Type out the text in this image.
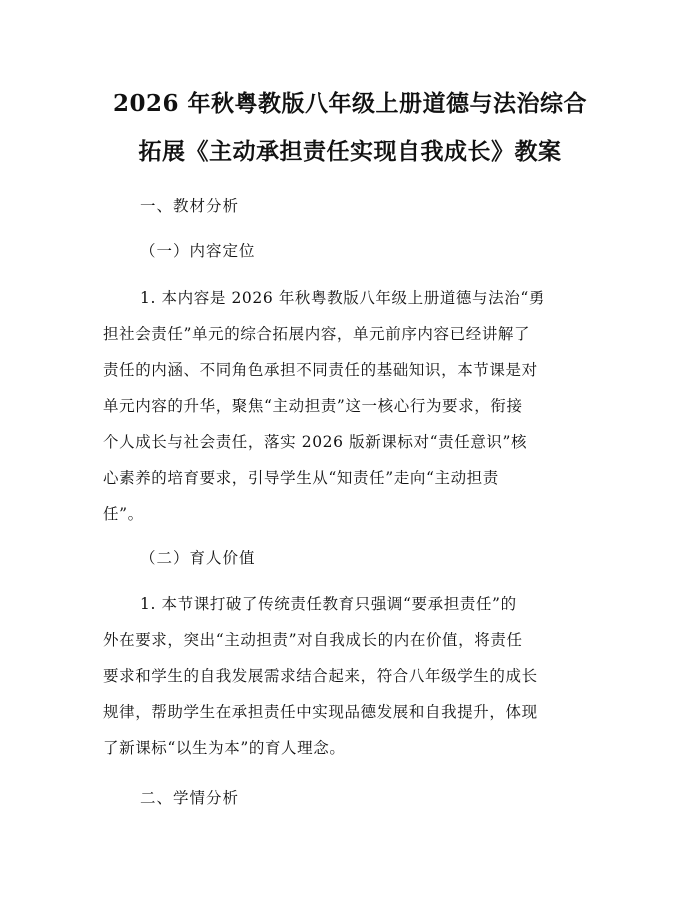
2026 年秋粤教版八年级上册道德与法治综合
拓展《主动承担责任实现自我成长》教案
一、教材分析
（一）内容定位
1. 本内容是 2026 年秋粤教版八年级上册道德与法治“勇
担社会责任”单元的综合拓展内容，单元前序内容已经讲解了
责任的内涵、不同角色承担不同责任的基础知识，本节课是对
单元内容的升华，聚焦“主动担责”这一核心行为要求，衔接
个人成长与社会责任，落实 2026 版新课标对“责任意识”核
心素养的培育要求，引导学生从“知责任”走向“主动担责
任”。
（二）育人价值
1. 本节课打破了传统责任教育只强调“要承担责任”的
外在要求，突出“主动担责”对自我成长的内在价值，将责任
要求和学生的自我发展需求结合起来，符合八年级学生的成长
规律，帮助学生在承担责任中实现品德发展和自我提升，体现
了新课标“以生为本”的育人理念。
二、学情分析
